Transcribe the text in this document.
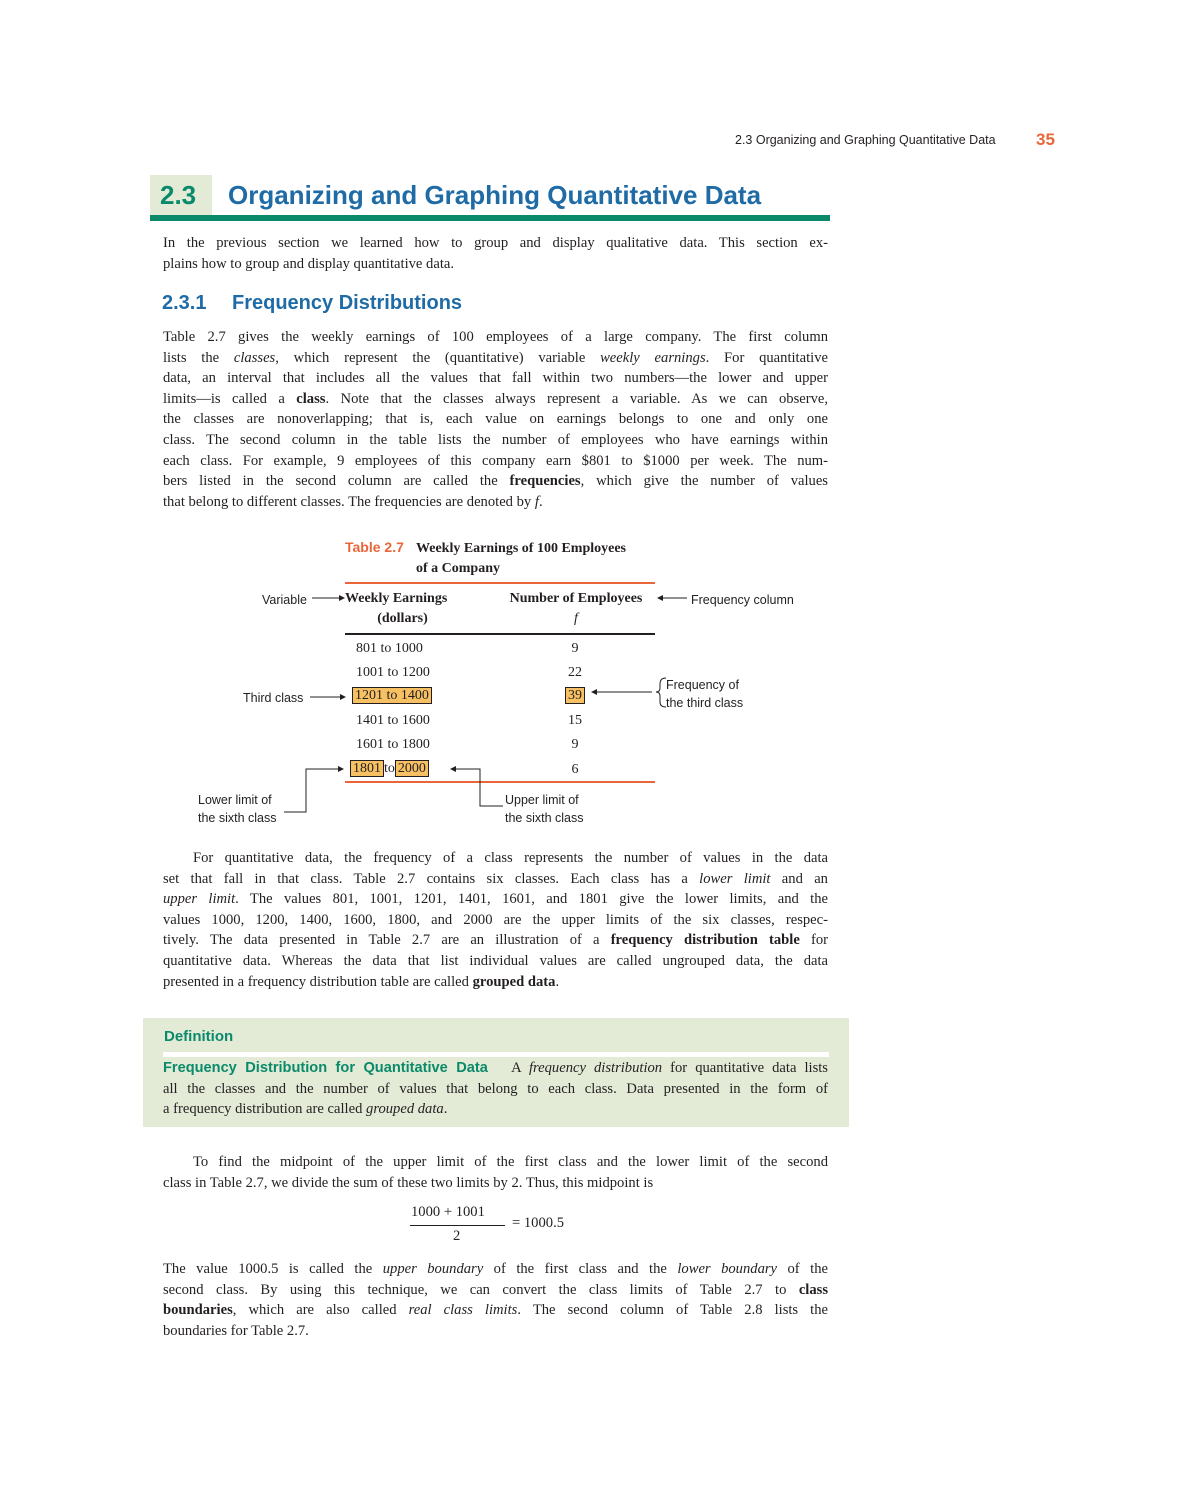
2.3 Organizing and Graphing Quantitative Data 35
2.3 Organizing and Graphing Quantitative Data
In the previous section we learned how to group and display qualitative data. This section ex-
plains how to group and display quantitative data.
2.3.1 Frequency Distributions
Table 2.7 gives the weekly earnings of 100 employees of a large company. The first column
lists the classes, which represent the (quantitative) variable weekly earnings. For quantitative
data, an interval that includes all the values that fall within two numbers—the lower and upper
limits—is called a class. Note that the classes always represent a variable. As we can observe,
the classes are nonoverlapping; that is, each value on earnings belongs to one and only one
class. The second column in the table lists the number of employees who have earnings within
each class. For example, 9 employees of this company earn $801 to $1000 per week. The num-
bers listed in the second column are called the frequencies, which give the number of values
that belong to different classes. The frequencies are denoted by f.
Table 2.7 Weekly Earnings of 100 Employees
of a Company
Weekly Earnings
(dollars)
Number of Employees
f
801 to 1000	9
1001 to 1200	22
1201 to 1400	39
1401 to 1600	15
1601 to 1800	9
1801 to 2000	6
Variable	Frequency column
Third class
Frequency of
the third class
Lower limit of
the sixth class
Upper limit of
the sixth class
For quantitative data, the frequency of a class represents the number of values in the data
set that fall in that class. Table 2.7 contains six classes. Each class has a lower limit and an
upper limit. The values 801, 1001, 1201, 1401, 1601, and 1801 give the lower limits, and the
values 1000, 1200, 1400, 1600, 1800, and 2000 are the upper limits of the six classes, respec-
tively. The data presented in Table 2.7 are an illustration of a frequency distribution table for
quantitative data. Whereas the data that list individual values are called ungrouped data, the data
presented in a frequency distribution table are called grouped data.
Definition
Frequency Distribution for Quantitative Data   A frequency distribution for quantitative data lists
all the classes and the number of values that belong to each class. Data presented in the form of
a frequency distribution are called grouped data.
To find the midpoint of the upper limit of the first class and the lower limit of the second
class in Table 2.7, we divide the sum of these two limits by 2. Thus, this midpoint is
1000 + 1001
2
= 1000.5
The value 1000.5 is called the upper boundary of the first class and the lower boundary of the
second class. By using this technique, we can convert the class limits of Table 2.7 to class
boundaries, which are also called real class limits. The second column of Table 2.8 lists the
boundaries for Table 2.7.
